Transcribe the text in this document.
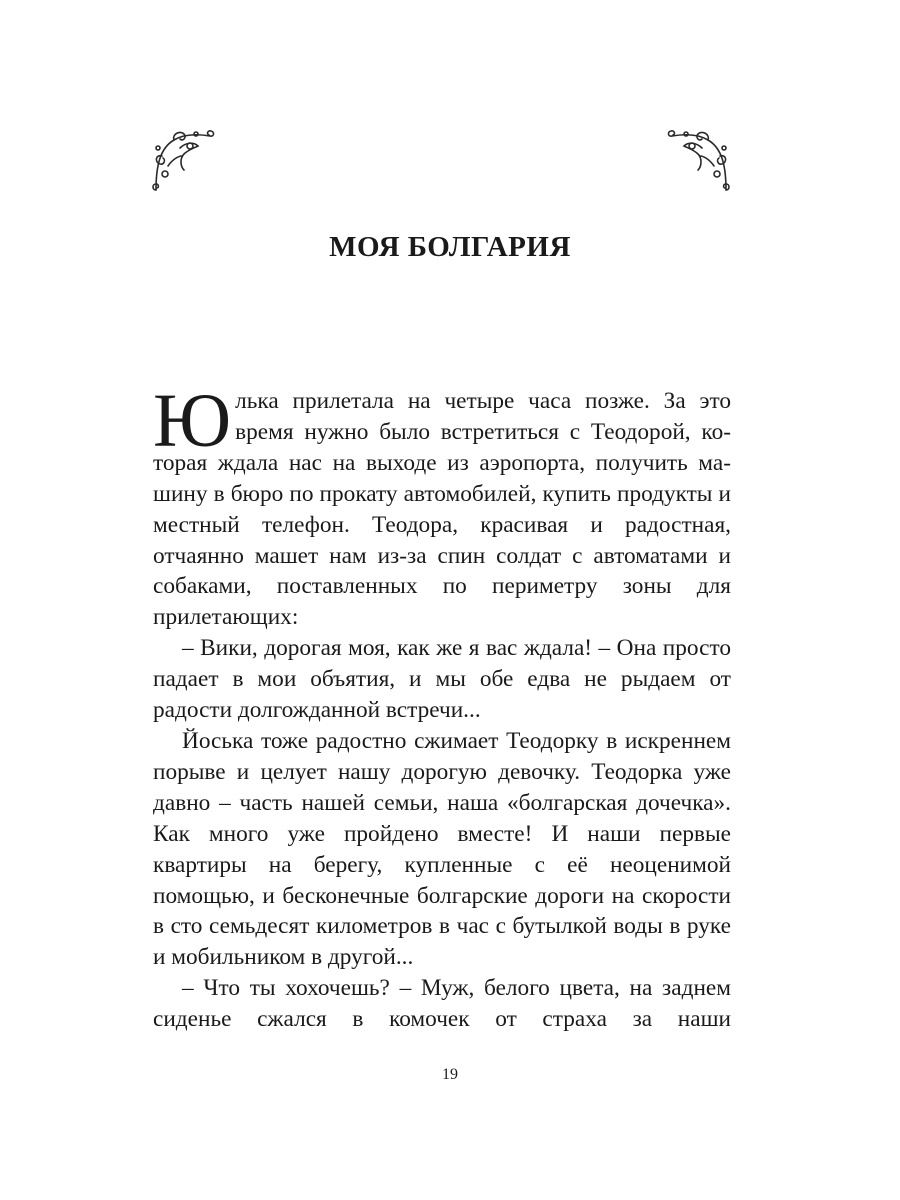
МОЯ БОЛГАРИЯ

Юлька прилетала на четыре часа позже. За это время нужно было встретиться с Теодорой, которая ждала нас на выходе из аэропорта, получить машину в бюро по прокату автомобилей, купить продукты и местный телефон. Теодора, красивая и радостная, отчаянно машет нам из-за спин солдат с автоматами и собаками, поставленных по периметру зоны для прилетающих:

– Вики, дорогая моя, как же я вас ждала! – Она просто падает в мои объятия, и мы обе едва не рыдаем от радости долгожданной встречи...

Йоська тоже радостно сжимает Теодорку в искреннем порыве и целует нашу дорогую девочку. Теодорка уже давно – часть нашей семьи, наша «болгарская дочечка». Как много уже пройдено вместе! И наши первые квартиры на берегу, купленные с её неоценимой помощью, и бесконечные болгарские дороги на скорости в сто семьдесят километров в час с бутылкой воды в руке и мобильником в другой...

– Что ты хохочешь? – Муж, белого цвета, на заднем сиденье сжался в комочек от страха за наши

19
